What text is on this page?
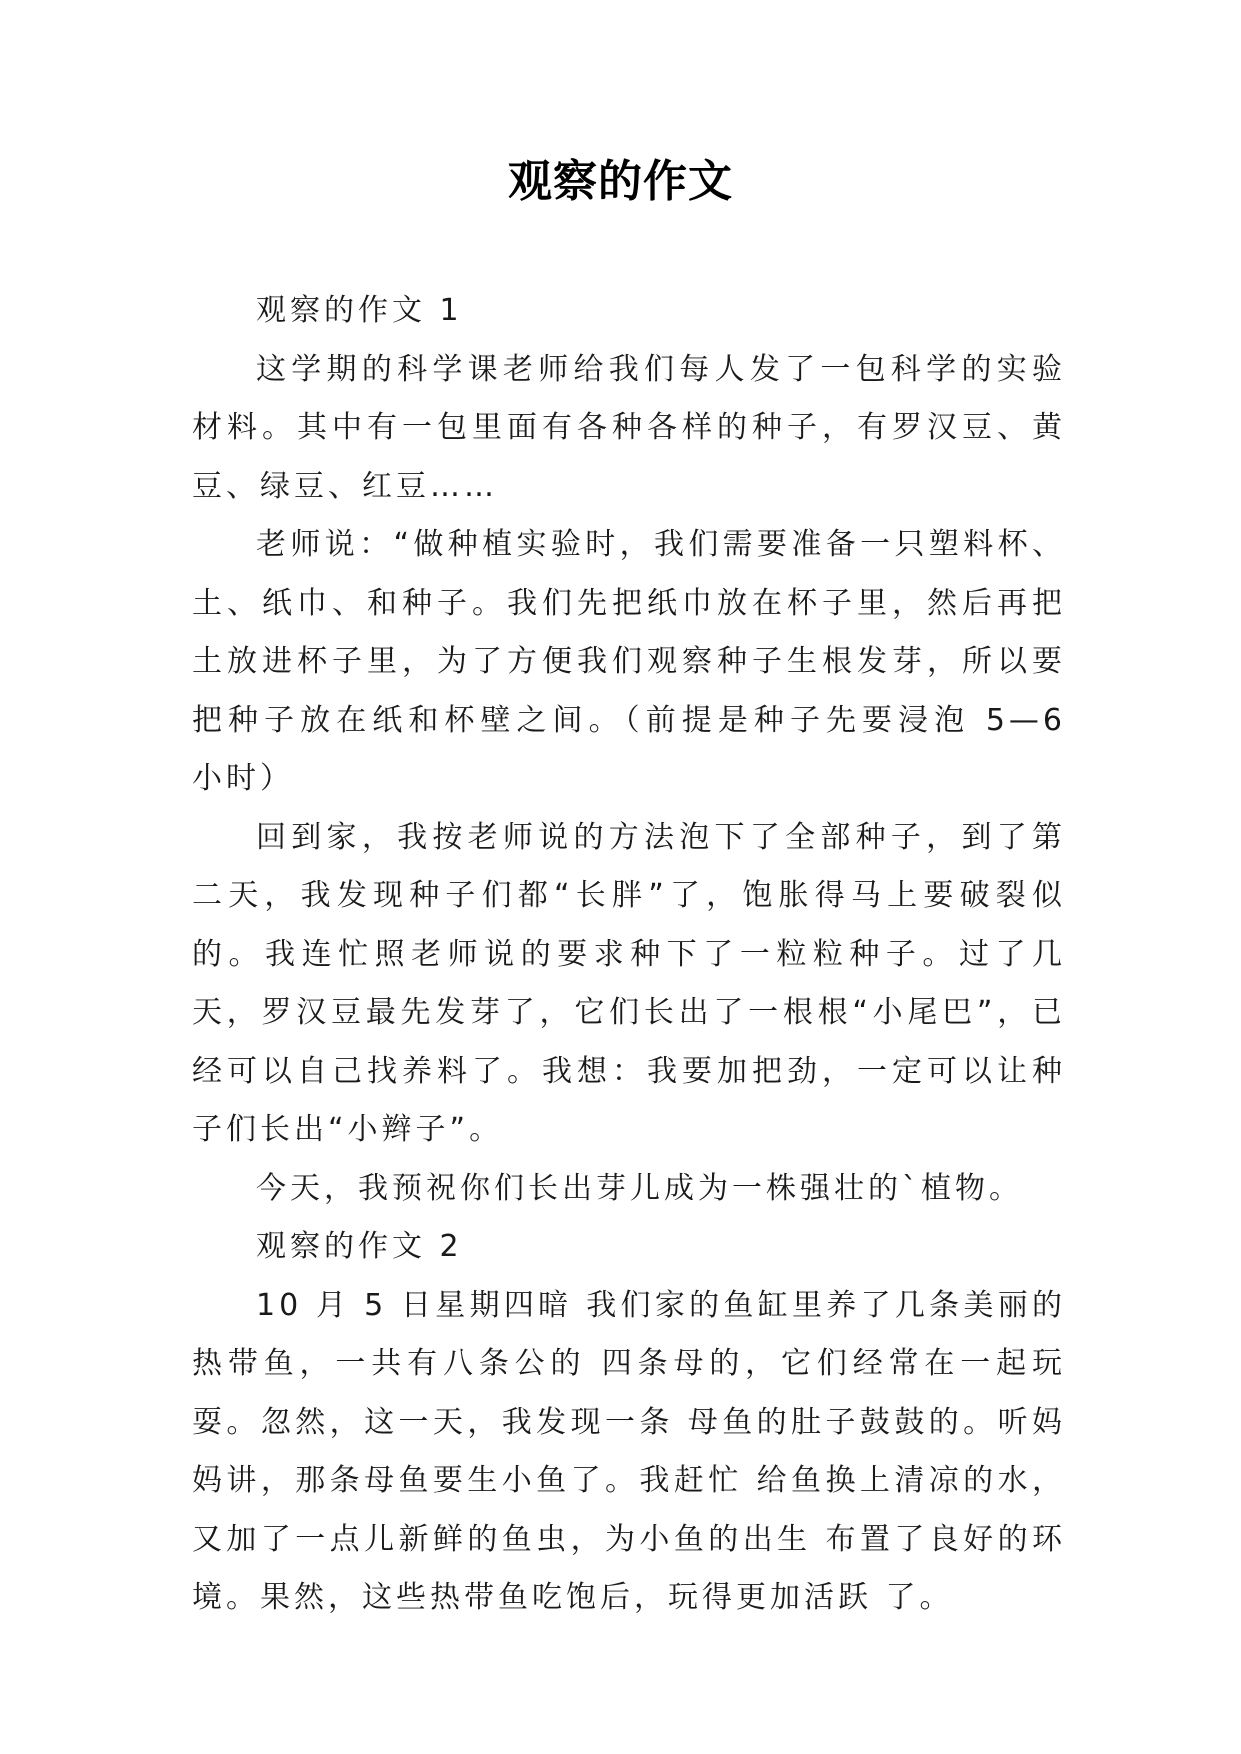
观察的作文

观察的作文 1

这学期的科学课老师给我们每人发了一包科学的实验材料。其中有一包里面有各种各样的种子，有罗汉豆、黄豆、绿豆、红豆……

老师说：“做种植实验时，我们需要准备一只塑料杯、土、纸巾、和种子。我们先把纸巾放在杯子里，然后再把土放进杯子里，为了方便我们观察种子生根发芽，所以要把种子放在纸和杯壁之间。（前提是种子先要浸泡 5—6 小时）

回到家，我按老师说的方法泡下了全部种子，到了第二天，我发现种子们都“长胖”了，饱胀得马上要破裂似的。我连忙照老师说的要求种下了一粒粒种子。过了几天，罗汉豆最先发芽了，它们长出了一根根“小尾巴”，已经可以自己找养料了。我想：我要加把劲，一定可以让种子们长出“小辫子”。

今天，我预祝你们长出芽儿成为一株强壮的`植物。

观察的作文 2

10 月 5 日星期四暗 我们家的鱼缸里养了几条美丽的热带鱼，一共有八条公的 四条母的，它们经常在一起玩耍。忽然，这一天，我发现一条 母鱼的肚子鼓鼓的。听妈妈讲，那条母鱼要生小鱼了。我赶忙 给鱼换上清凉的水，又加了一点儿新鲜的鱼虫，为小鱼的出生 布置了良好的环境。果然，这些热带鱼吃饱后，玩得更加活跃 了。
